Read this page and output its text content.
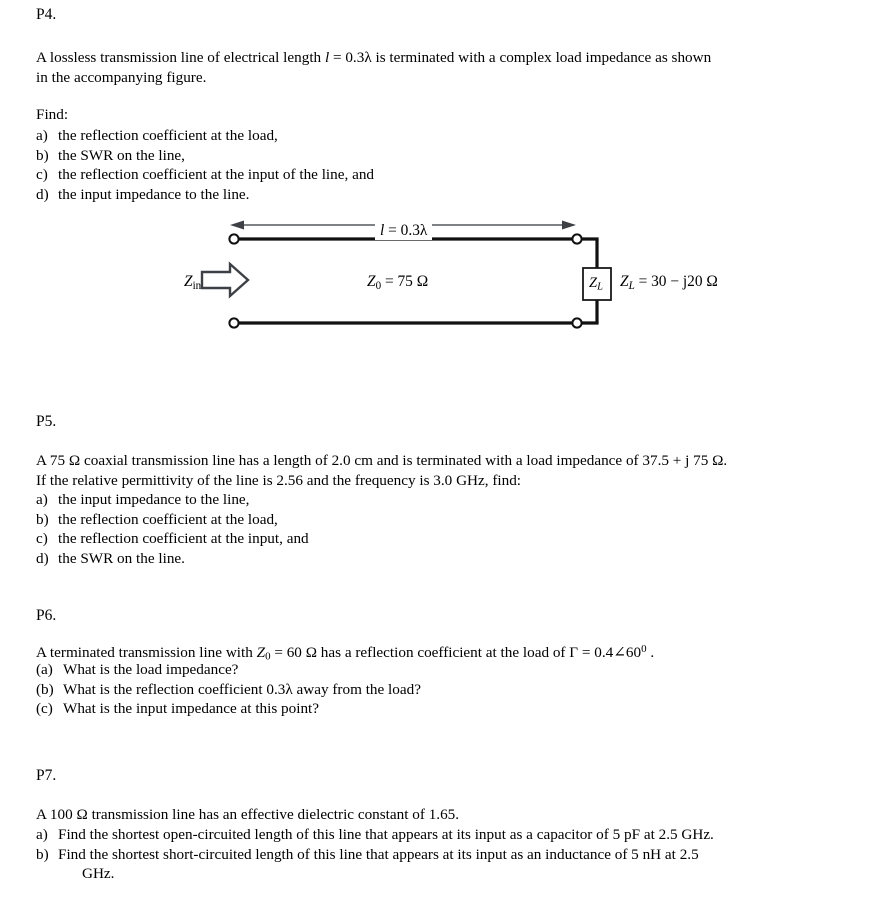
P4.
A lossless transmission line of electrical length l = 0.3λ is terminated with a complex load impedance as shown
in the accompanying figure.
Find:
a) the reflection coefficient at the load,
b) the SWR on the line,
c) the reflection coefficient at the input of the line, and
d) the input impedance to the line.
l = 0.3λ
$Z_{in}$	$Z_0 = 75$ Ω	ZL ZL = 30 − j20 Ω
P5.
A 75 Ω coaxial transmission line has a length of 2.0 cm and is terminated with a load impedance of 37.5 + j 75 Ω.
If the relative permittivity of the line is 2.56 and the frequency is 3.0 GHz, find:
a) the input impedance to the line,
b) the reflection coefficient at the load,
c) the reflection coefficient at the input, and
d) the SWR on the line.
P6.
A terminated transmission line with $Z_0 = 60$ Ω has a reflection coefficient at the load of $\Gamma = 0.4\angle 60^0$ .
(a) What is the load impedance?
(b) What is the reflection coefficient 0.3λ away from the load?
(c) What is the input impedance at this point?
P7.
A 100 Ω transmission line has an effective dielectric constant of 1.65.
a) Find the shortest open-circuited length of this line that appears at its input as a capacitor of 5 pF at 2.5 GHz.
b) Find the shortest short-circuited length of this line that appears at its input as an inductance of 5 nH at 2.5
GHz.
